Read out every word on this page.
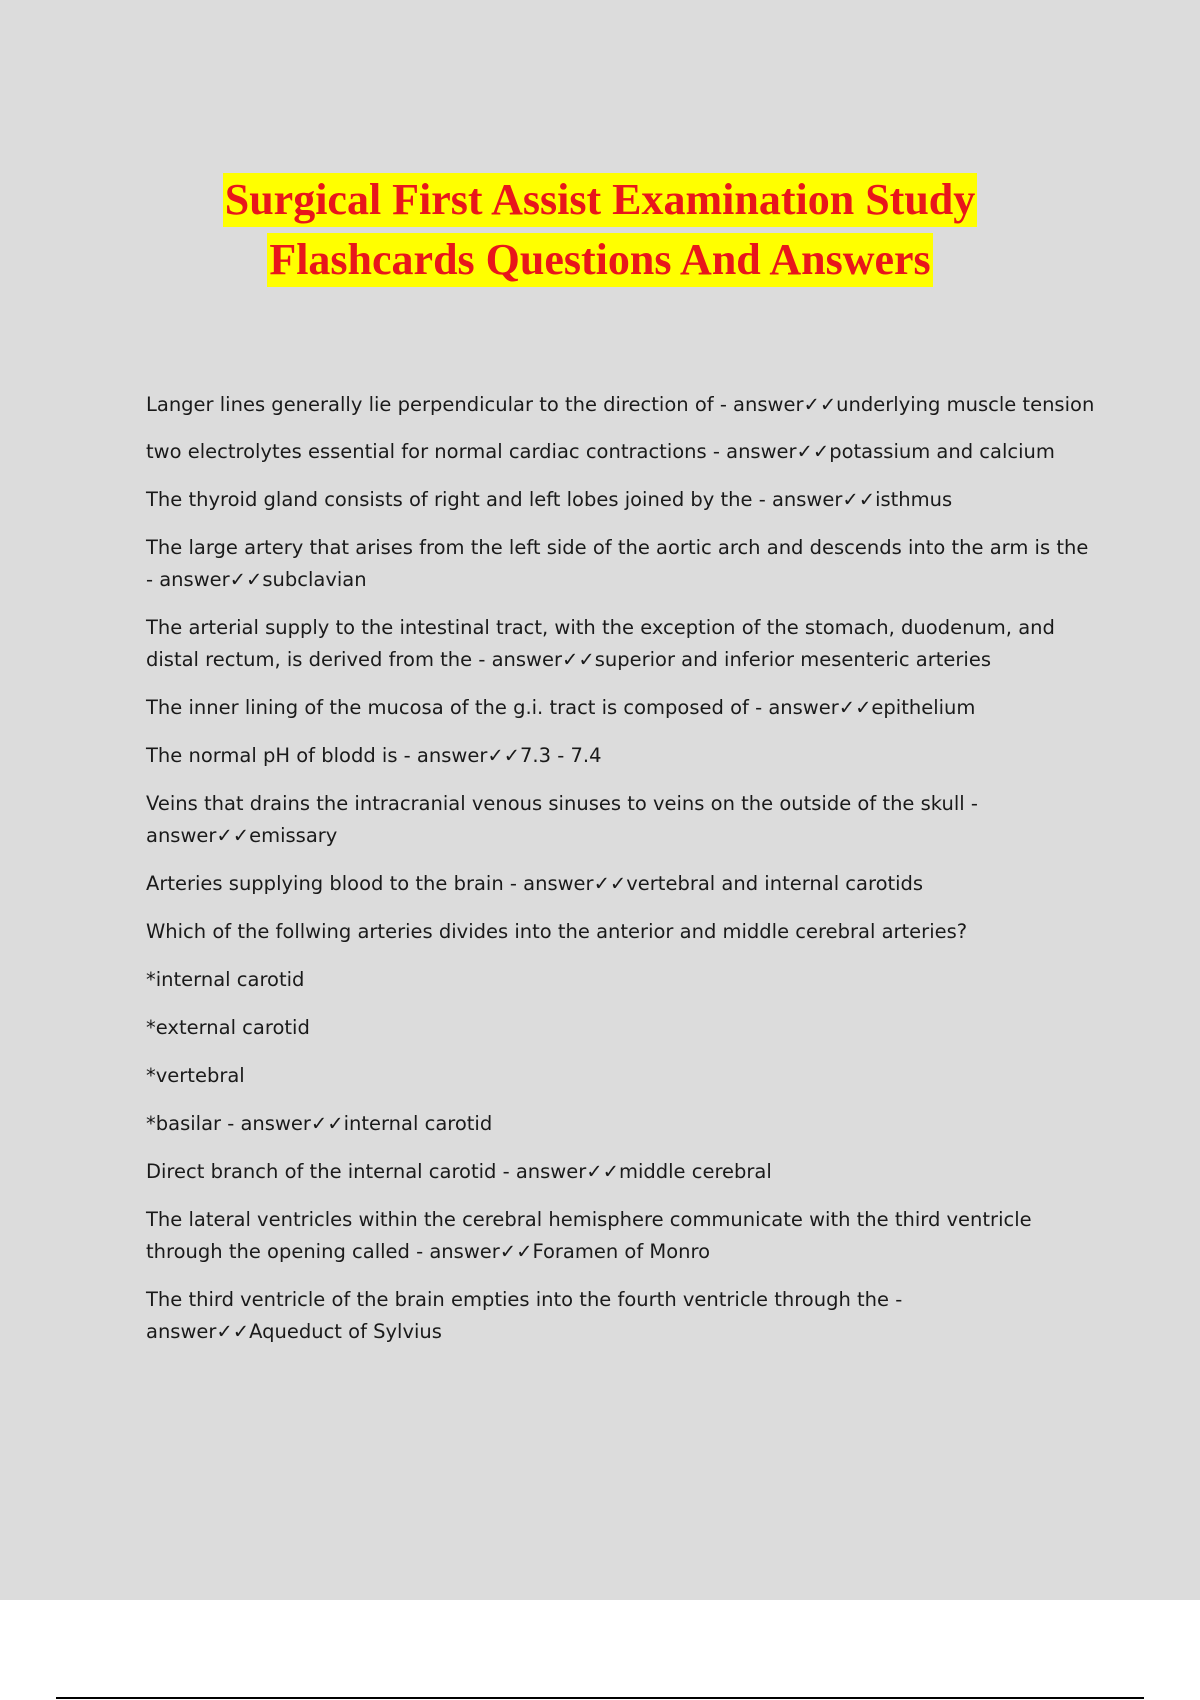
Surgical First Assist Examination Study
Flashcards Questions And Answers

Langer lines generally lie perpendicular to the direction of - answer✓✓underlying muscle tension

two electrolytes essential for normal cardiac contractions - answer✓✓potassium and calcium

The thyroid gland consists of right and left lobes joined by the - answer✓✓isthmus

The large artery that arises from the left side of the aortic arch and descends into the arm is the - answer✓✓subclavian

The arterial supply to the intestinal tract, with the exception of the stomach, duodenum, and distal rectum, is derived from the - answer✓✓superior and inferior mesenteric arteries

The inner lining of the mucosa of the g.i. tract is composed of - answer✓✓epithelium

The normal pH of blodd is - answer✓✓7.3 - 7.4

Veins that drains the intracranial venous sinuses to veins on the outside of the skull - answer✓✓emissary

Arteries supplying blood to the brain - answer✓✓vertebral and internal carotids

Which of the follwing arteries divides into the anterior and middle cerebral arteries?

*internal carotid

*external carotid

*vertebral

*basilar - answer✓✓internal carotid

Direct branch of the internal carotid - answer✓✓middle cerebral

The lateral ventricles within the cerebral hemisphere communicate with the third ventricle through the opening called - answer✓✓Foramen of Monro

The third ventricle of the brain empties into the fourth ventricle through the - answer✓✓Aqueduct of Sylvius
